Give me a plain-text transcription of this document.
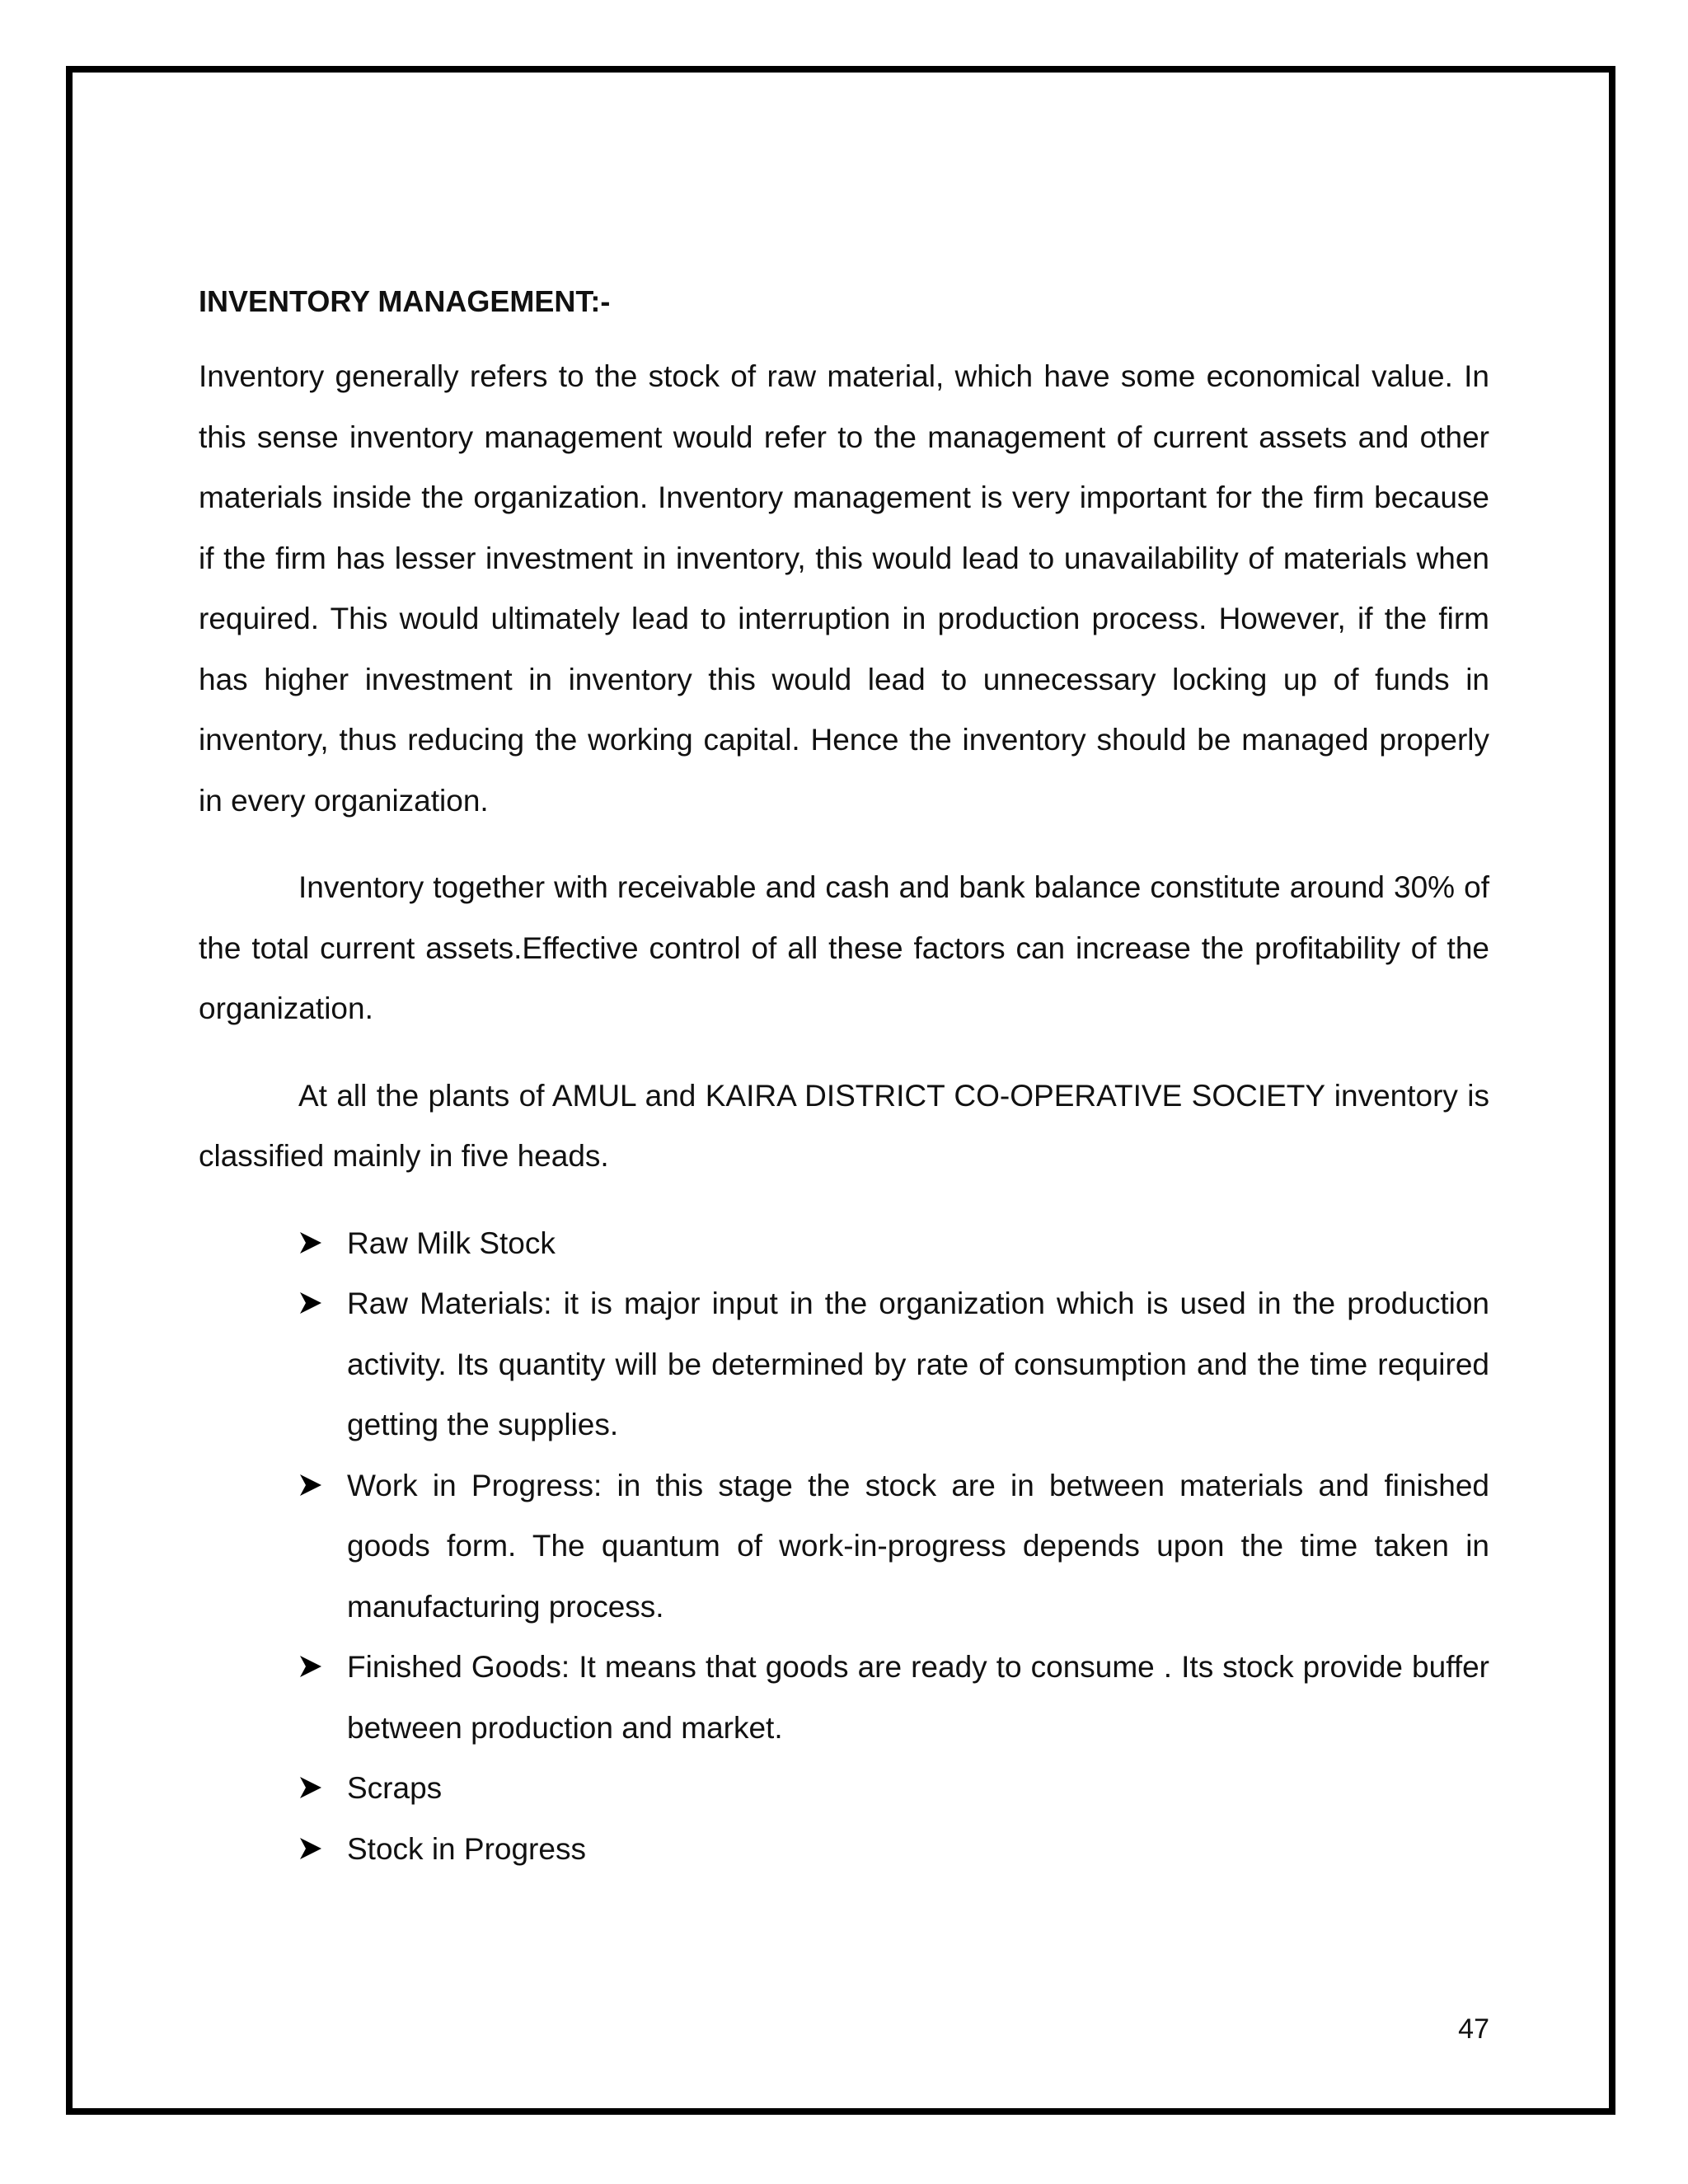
INVENTORY MANAGEMENT:-

Inventory generally refers to the stock of raw material, which have some economical value. In this sense inventory management would refer to the management of current assets and other materials inside the organization. Inventory management is very important for the firm because if the firm has lesser investment in inventory, this would lead to unavailability of materials when required. This would ultimately lead to interruption in production process. However, if the firm has higher investment in inventory this would lead to unnecessary locking up of funds in inventory, thus reducing the working capital. Hence the inventory should be managed properly in every organization.

Inventory together with receivable and cash and bank balance constitute around 30% of the total current assets.Effective control of all these factors can increase the profitability of the organization.

At all the plants of AMUL and KAIRA DISTRICT CO-OPERATIVE SOCIETY inventory is classified mainly in five heads.

Raw Milk Stock
Raw Materials: it is major input in the organization which is used in the production activity. Its quantity will be determined by rate of consumption and the time required getting the supplies.
Work in Progress: in this stage the stock are in between materials and finished goods form. The quantum of work-in-progress depends upon the time taken in manufacturing process.
Finished Goods: It means that goods are ready to consume . Its stock provide buffer between production and market.
Scraps
Stock in Progress
47
